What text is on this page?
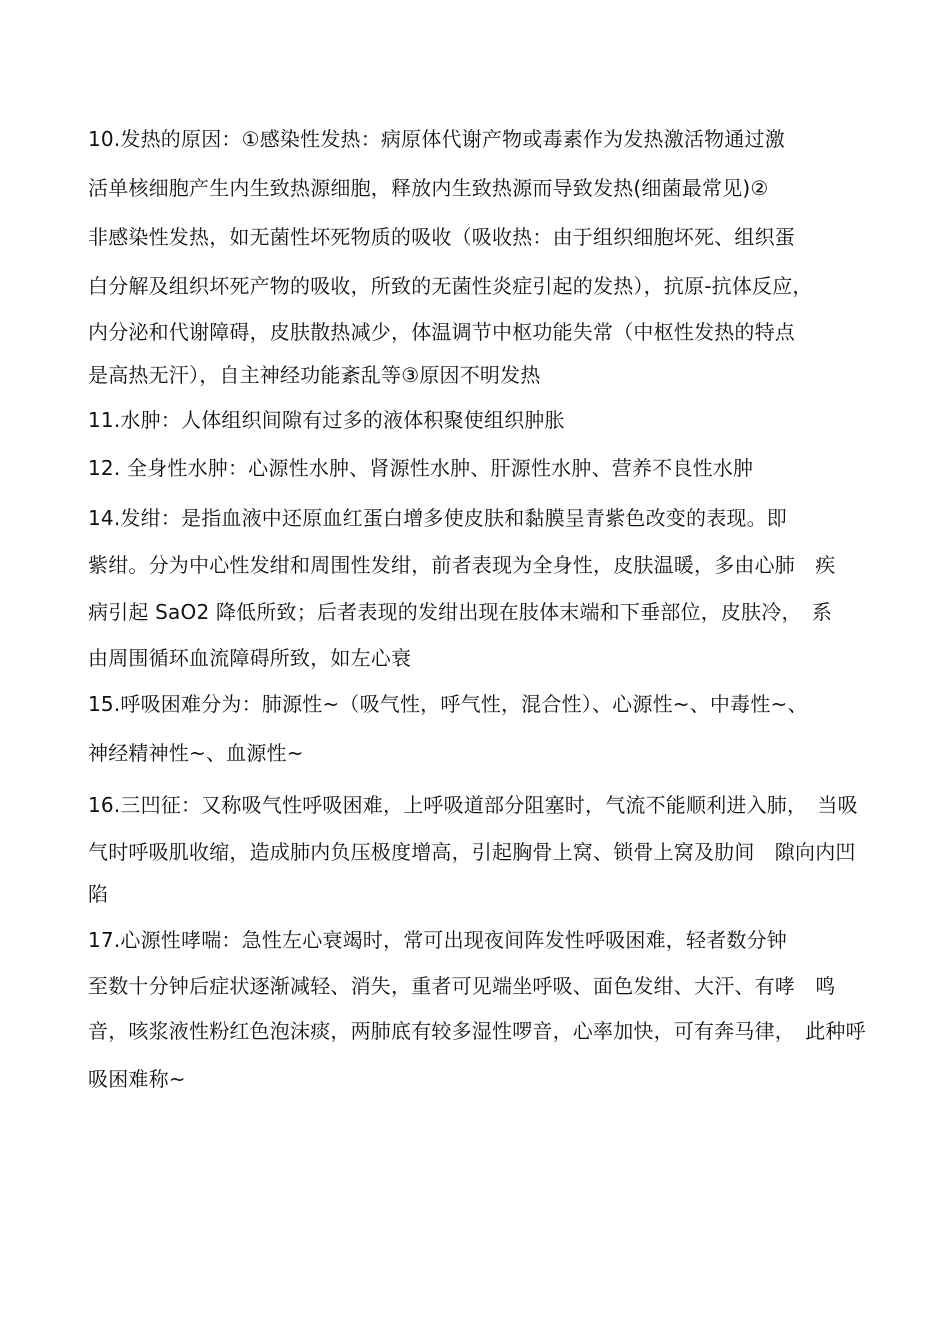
10.发热的原因：①感染性发热：病原体代谢产物或毒素作为发热激活物通过激
活单核细胞产生内生致热源细胞，释放内生致热源而导致发热(细菌最常见)②
非感染性发热，如无菌性坏死物质的吸收（吸收热：由于组织细胞坏死、组织蛋
白分解及组织坏死产物的吸收，所致的无菌性炎症引起的发热），抗原-抗体反应，
内分泌和代谢障碍，皮肤散热减少，体温调节中枢功能失常（中枢性发热的特点
是高热无汗），自主神经功能紊乱等③原因不明发热
11.水肿：人体组织间隙有过多的液体积聚使组织肿胀
12. 全身性水肿：心源性水肿、肾源性水肿、肝源性水肿、营养不良性水肿
14.发绀：是指血液中还原血红蛋白增多使皮肤和黏膜呈青紫色改变的表现。即
紫绀。分为中心性发绀和周围性发绀，前者表现为全身性，皮肤温暖，多由心肺　疾
病引起 SaO2 降低所致；后者表现的发绀出现在肢体末端和下垂部位，皮肤冷，　系
由周围循环血流障碍所致，如左心衰
15.呼吸困难分为：肺源性~（吸气性，呼气性，混合性）、心源性~、中毒性~、
神经精神性~、血源性~
16.三凹征：又称吸气性呼吸困难，上呼吸道部分阻塞时，气流不能顺利进入肺，　当吸
气时呼吸肌收缩，造成肺内负压极度增高，引起胸骨上窝、锁骨上窝及肋间　隙向内凹
陷
17.心源性哮喘：急性左心衰竭时，常可出现夜间阵发性呼吸困难，轻者数分钟
至数十分钟后症状逐渐减轻、消失，重者可见端坐呼吸、面色发绀、大汗、有哮　鸣
音，咳浆液性粉红色泡沫痰，两肺底有较多湿性啰音，心率加快，可有奔马律，　此种呼
吸困难称~
